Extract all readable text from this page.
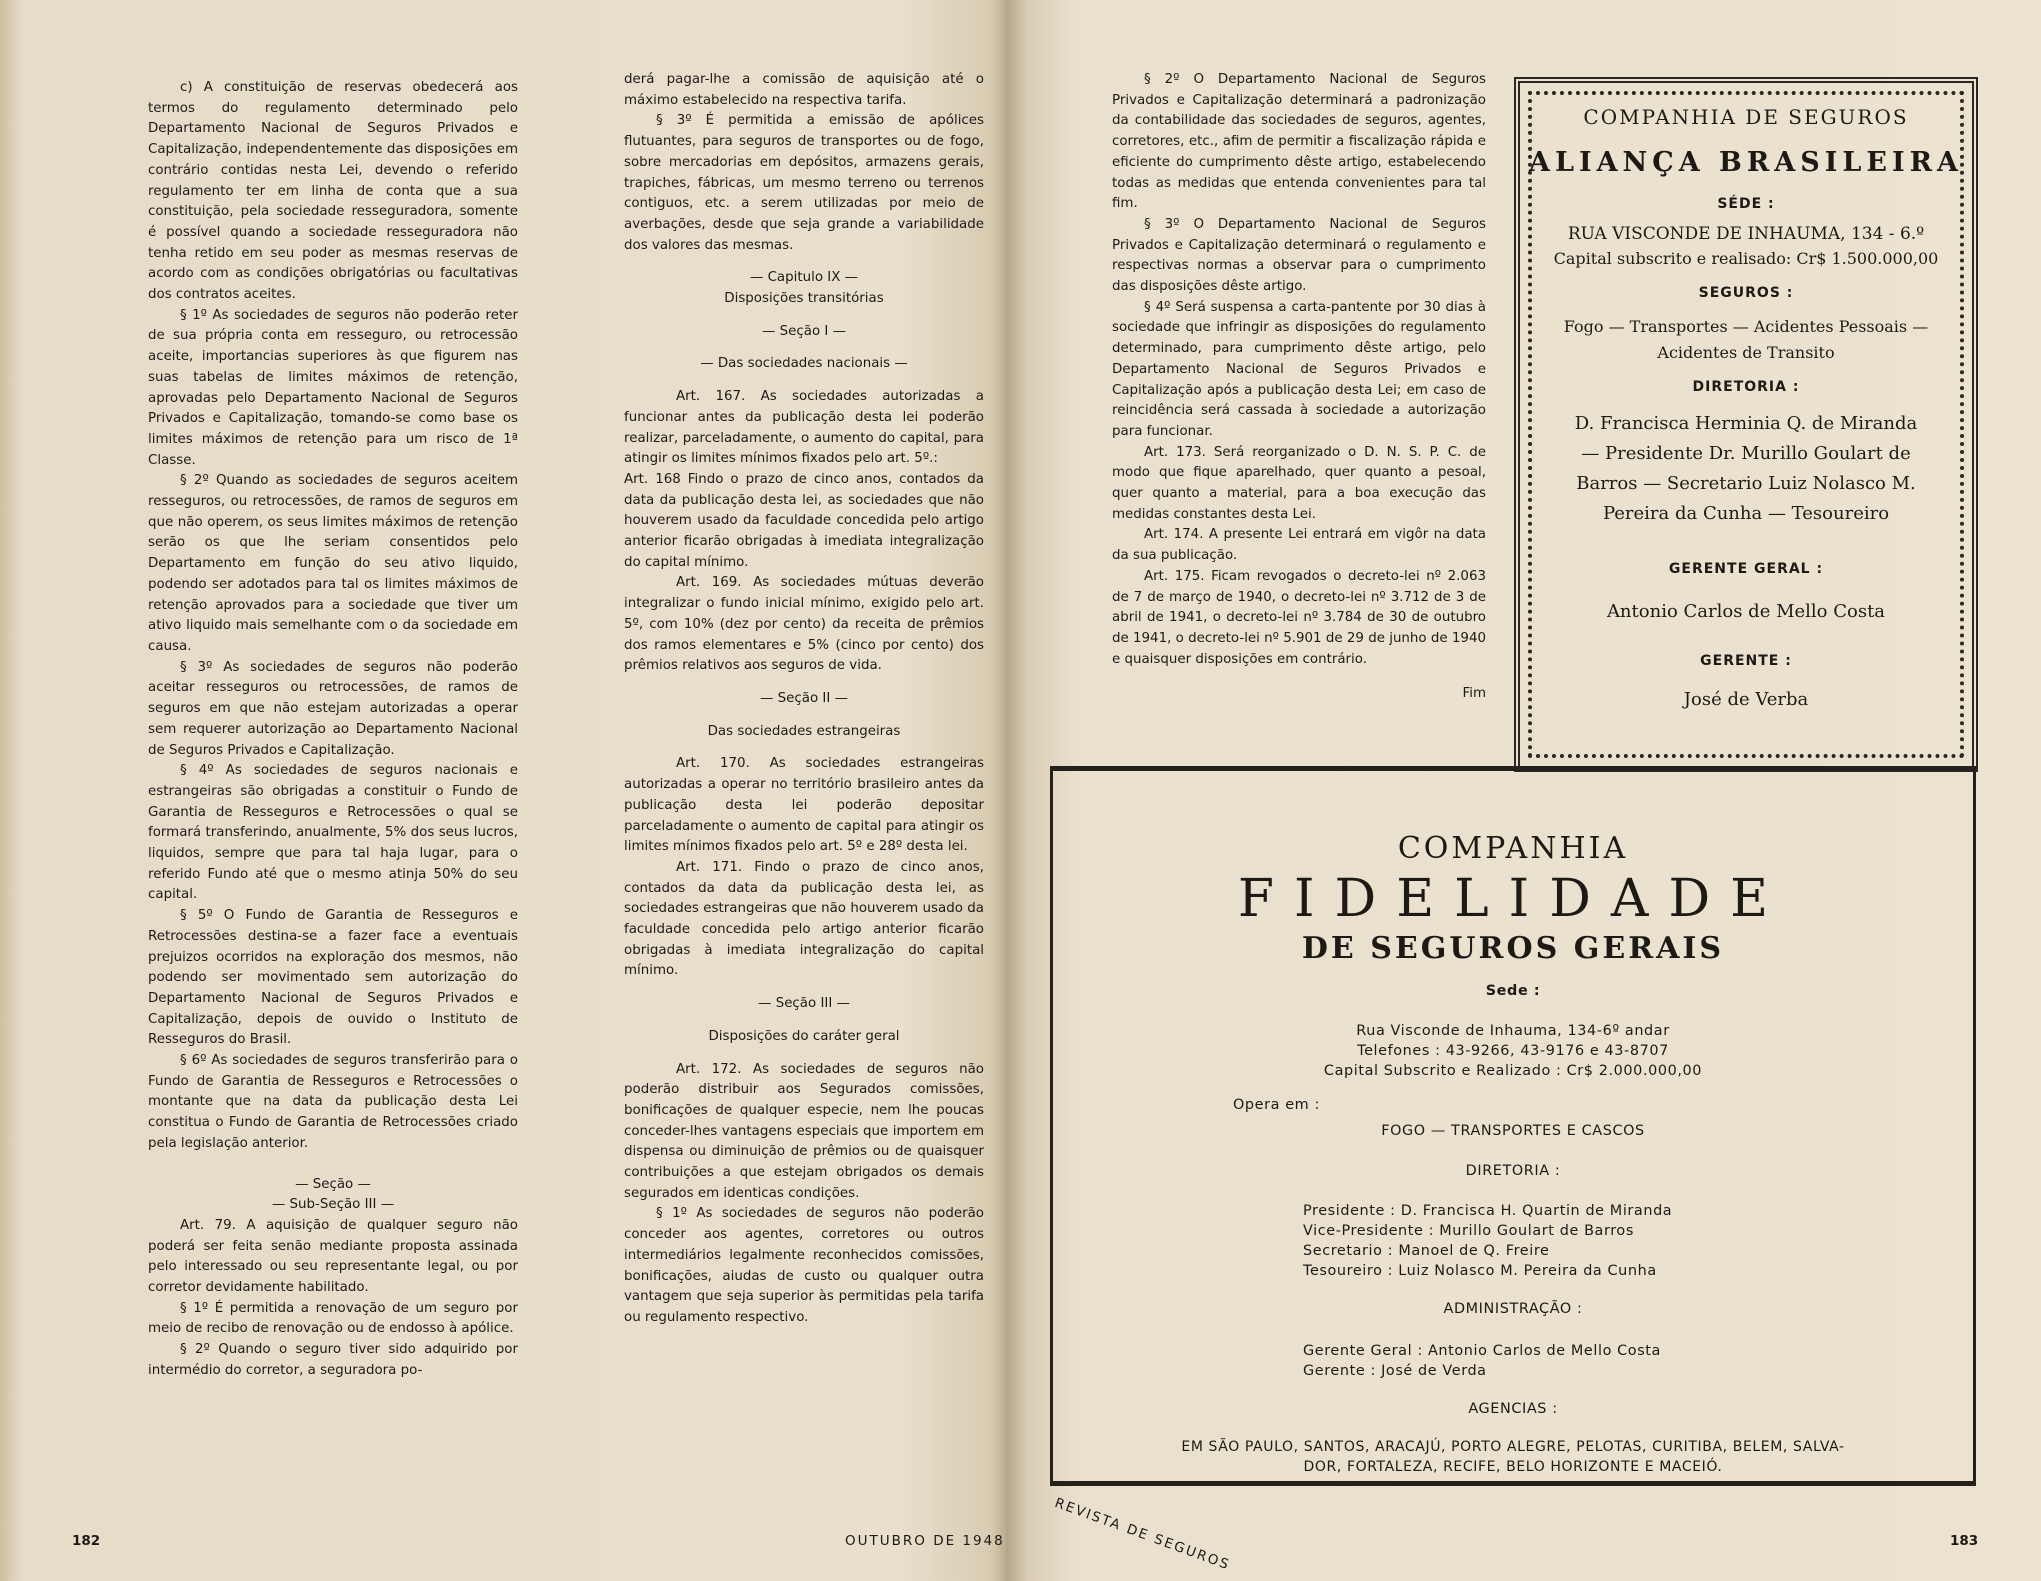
c) A constituição de reservas obedecerá aos termos do regulamento determinado pelo Departamento Nacional de Seguros Privados e Capitalização, independentemente das disposições em contrário contidas nesta Lei, devendo o referido regulamento ter em linha de conta que a sua constituição, pela sociedade resseguradora, somente é possível quando a sociedade resseguradora não tenha retido em seu poder as mesmas reservas de acordo com as condições obrigatórias ou facultativas dos contratos aceites.

§ 1º As sociedades de seguros não poderão reter de sua própria conta em resseguro, ou retrocessão aceite, importancias superiores às que figurem nas suas tabelas de limites máximos de retenção, aprovadas pelo Departamento Nacional de Seguros Privados e Capitalização, tomando-se como base os limites máximos de retenção para um risco de 1ª Classe.

§ 2º Quando as sociedades de seguros aceitem resseguros, ou retrocessões, de ramos de seguros em que não operem, os seus limites máximos de retenção serão os que lhe seriam consentidos pelo Departamento em função do seu ativo liquido, podendo ser adotados para tal os limites máximos de retenção aprovados para a sociedade que tiver um ativo liquido mais semelhante com o da sociedade em causa.

§ 3º As sociedades de seguros não poderão aceitar resseguros ou retrocessões, de ramos de seguros em que não estejam autorizadas a operar sem requerer autorização ao Departamento Nacional de Seguros Privados e Capitalização.

§ 4º As sociedades de seguros nacionais e estrangeiras são obrigadas a constituir o Fundo de Garantia de Resseguros e Retrocessões o qual se formará transferindo, anualmente, 5% dos seus lucros, liquidos, sempre que para tal haja lugar, para o referido Fundo até que o mesmo atinja 50% do seu capital.

§ 5º O Fundo de Garantia de Resseguros e Retrocessões destina-se a fazer face a eventuais prejuizos ocorridos na exploração dos mesmos, não podendo ser movimentado sem autorização do Departamento Nacional de Seguros Privados e Capitalização, depois de ouvido o Instituto de Resseguros do Brasil.

§ 6º As sociedades de seguros transferirão para o Fundo de Garantia de Resseguros e Retrocessões o montante que na data da publicação desta Lei constitua o Fundo de Garantia de Retrocessões criado pela legislação anterior.

— Seção —

— Sub-Seção III —

Art. 79. A aquisição de qualquer seguro não poderá ser feita senão mediante proposta assinada pelo interessado ou seu representante legal, ou por corretor devidamente habilitado.

§ 1º É permitida a renovação de um seguro por meio de recibo de renovação ou de endosso à apólice.

§ 2º Quando o seguro tiver sido adquirido por intermédio do corretor, a seguradora po-

derá pagar-lhe a comissão de aquisição até o máximo estabelecido na respectiva tarifa.

§ 3º É permitida a emissão de apólices flutuantes, para seguros de transportes ou de fogo, sobre mercadorias em depósitos, armazens gerais, trapiches, fábricas, um mesmo terreno ou terrenos contiguos, etc. a serem utilizadas por meio de averbações, desde que seja grande a variabilidade dos valores das mesmas.

— Capitulo IX —

Disposições transitórias

— Seção I —

— Das sociedades nacionais —

Art. 167. As sociedades autorizadas a funcionar antes da publicação desta lei poderão realizar, parceladamente, o aumento do capital, para atingir os limites mínimos fixados pelo art. 5º.:

Art. 168 Findo o prazo de cinco anos, contados da data da publicação desta lei, as sociedades que não houverem usado da faculdade concedida pelo artigo anterior ficarão obrigadas à imediata integralização do capital mínimo.

Art. 169. As sociedades mútuas deverão integralizar o fundo inicial mínimo, exigido pelo art. 5º, com 10% (dez por cento) da receita de prêmios dos ramos elementares e 5% (cinco por cento) dos prêmios relativos aos seguros de vida.

— Seção II —

Das sociedades estrangeiras

Art. 170. As sociedades estrangeiras autorizadas a operar no território brasileiro antes da publicação desta lei poderão depositar parceladamente o aumento de capital para atingir os limites mínimos fixados pelo art. 5º e 28º desta lei.

Art. 171. Findo o prazo de cinco anos, contados da data da publicação desta lei, as sociedades estrangeiras que não houverem usado da faculdade concedida pelo artigo anterior ficarão obrigadas à imediata integralização do capital mínimo.

— Seção III —

Disposições do caráter geral

Art. 172. As sociedades de seguros não poderão distribuir aos Segurados comissões, bonificações de qualquer especie, nem lhe poucas conceder-lhes vantagens especiais que importem em dispensa ou diminuição de prêmios ou de quaisquer contribuições a que estejam obrigados os demais segurados em identicas condições.

§ 1º As sociedades de seguros não poderão conceder aos agentes, corretores ou outros intermediários legalmente reconhecidos comissões, bonificações, aiudas de custo ou qualquer outra vantagem que seja superior às permitidas pela tarifa ou regulamento respectivo.

182	OUTUBRO DE 1948	183

§ 2º O Departamento Nacional de Seguros Privados e Capitalização determinará a padronização da contabilidade das sociedades de seguros, agentes, corretores, etc., afim de permitir a fiscalização rápida e eficiente do cumprimento dêste artigo, estabelecendo todas as medidas que entenda convenientes para tal fim.

§ 3º O Departamento Nacional de Seguros Privados e Capitalização determinará o regulamento e respectivas normas a observar para o cumprimento das disposições dêste artigo.

§ 4º Será suspensa a carta-pantente por 30 dias à sociedade que infringir as disposições do regulamento determinado, para cumprimento dêste artigo, pelo Departamento Nacional de Seguros Privados e Capitalização após a publicação desta Lei; em caso de reincidência será cassada à sociedade a autorização para funcionar.

Art. 173. Será reorganizado o D. N. S. P. C. de modo que fique aparelhado, quer quanto a pesoal, quer quanto a material, para a boa execução das medidas constantes desta Lei.

Art. 174. A presente Lei entrará em vigôr na data da sua publicação.

Art. 175. Ficam revogados o decreto-lei nº 2.063 de 7 de março de 1940, o decreto-lei nº 3.712 de 3 de abril de 1941, o decreto-lei nº 3.784 de 30 de outubro de 1941, o decreto-lei nº 5.901 de 29 de junho de 1940 e quaisquer disposições em contrário.

Fim

REVISTA DE SEGUROS
COMPANHIA DE SEGUROS
ALIANÇA BRASILEIRA
SÉDE :
RUA VISCONDE DE INHAUMA, 134 - 6.º
Capital subscrito e realisado: Cr$ 1.500.000,00
SEGUROS :
Fogo — Transportes — Acidentes Pessoais —
Acidentes de Transito
DIRETORIA :
D. Francisca Herminia Q. de Miranda
— Presidente Dr. Murillo Goulart de
Barros — Secretario Luiz Nolasco M.
Pereira da Cunha — Tesoureiro
GERENTE GERAL :
Antonio Carlos de Mello Costa
GERENTE :
José de Verba
COMPANHIA
FIDELIDADE
DE SEGUROS GERAIS
Sede :
Rua Visconde de Inhauma, 134-6º andar
Telefones : 43-9266, 43-9176 e 43-8707
Capital Subscrito e Realizado : Cr$ 2.000.000,00
Opera em :
FOGO — TRANSPORTES E CASCOS
DIRETORIA :
Presidente : D. Francisca H. Quartin de Miranda
Vice-Presidente : Murillo Goulart de Barros
Secretario : Manoel de Q. Freire
Tesoureiro : Luiz Nolasco M. Pereira da Cunha
ADMINISTRAÇÃO :
Gerente Geral : Antonio Carlos de Mello Costa
Gerente : José de Verda
AGENCIAS :
EM SÃO PAULO, SANTOS, ARACAJÚ, PORTO ALEGRE, PELOTAS, CURITIBA, BELEM, SALVA-
DOR, FORTALEZA, RECIFE, BELO HORIZONTE E MACEIÓ.
